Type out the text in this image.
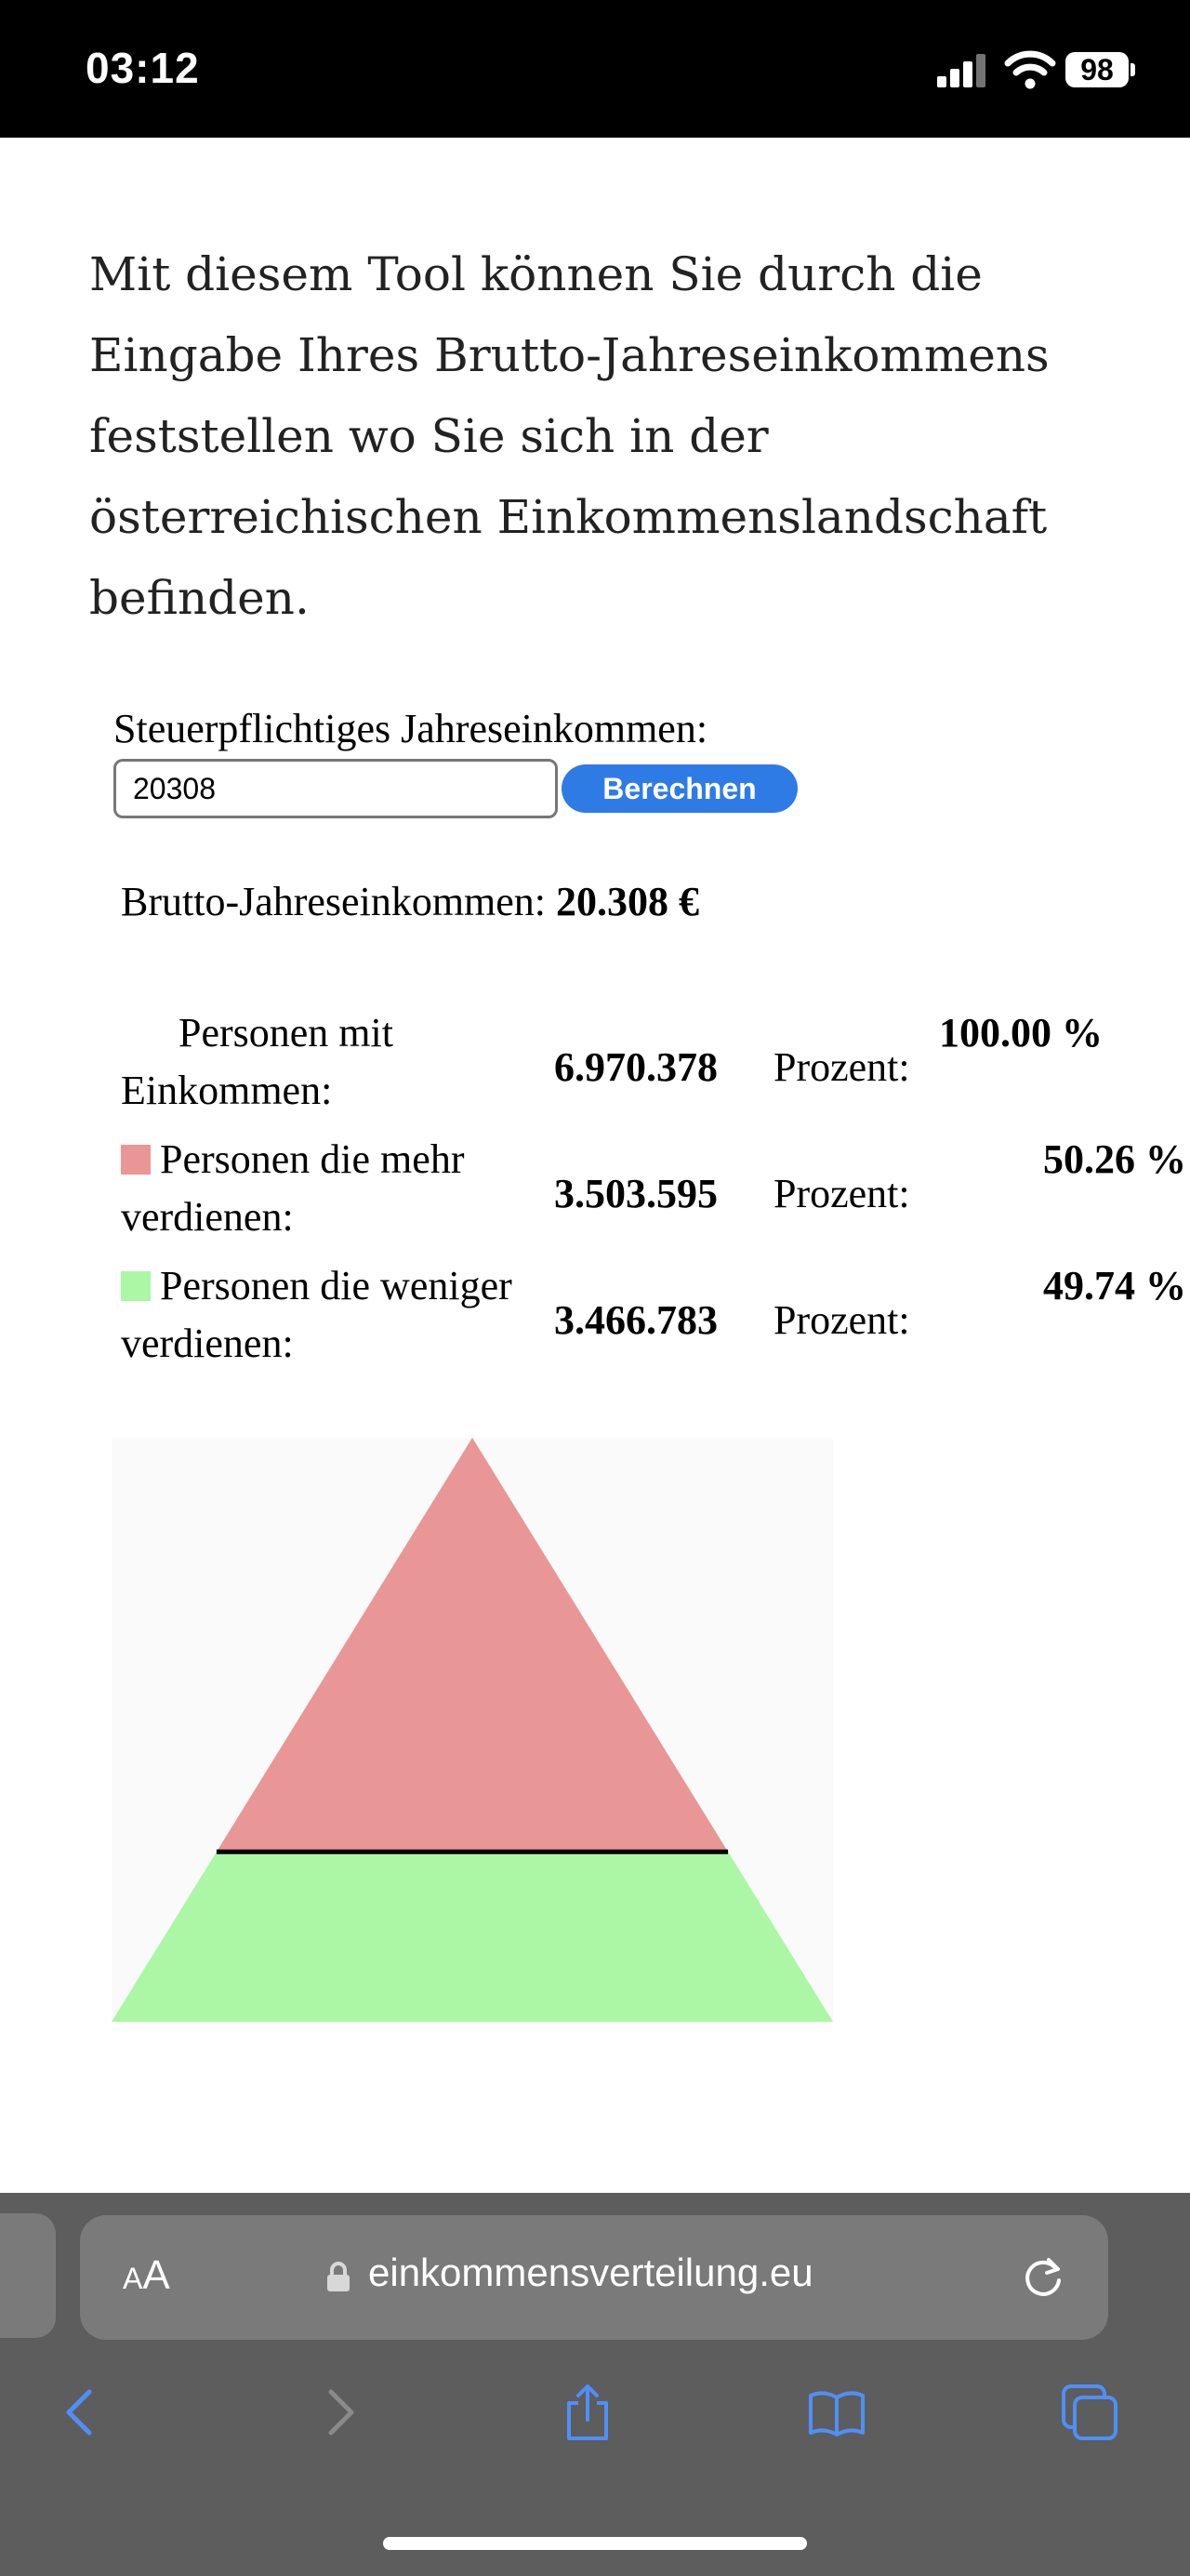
03:12	98
Mit diesem Tool können Sie durch die Eingabe Ihres Brutto-Jahreseinkommens feststellen wo Sie sich in der österreichischen Einkommenslandschaft befinden.
Steuerpflichtiges Jahreseinkommen:
20308
Berechnen
Brutto-Jahreseinkommen: 20.308 €
Personen mit Einkommen:
6.970.378 Prozent:
100.00 %
Personen die mehr verdienen:
3.503.595 Prozent:
50.26 %
Personen die weniger verdienen:
3.466.783 Prozent:
49.74 %
AA	einkommensverteilung.eu
